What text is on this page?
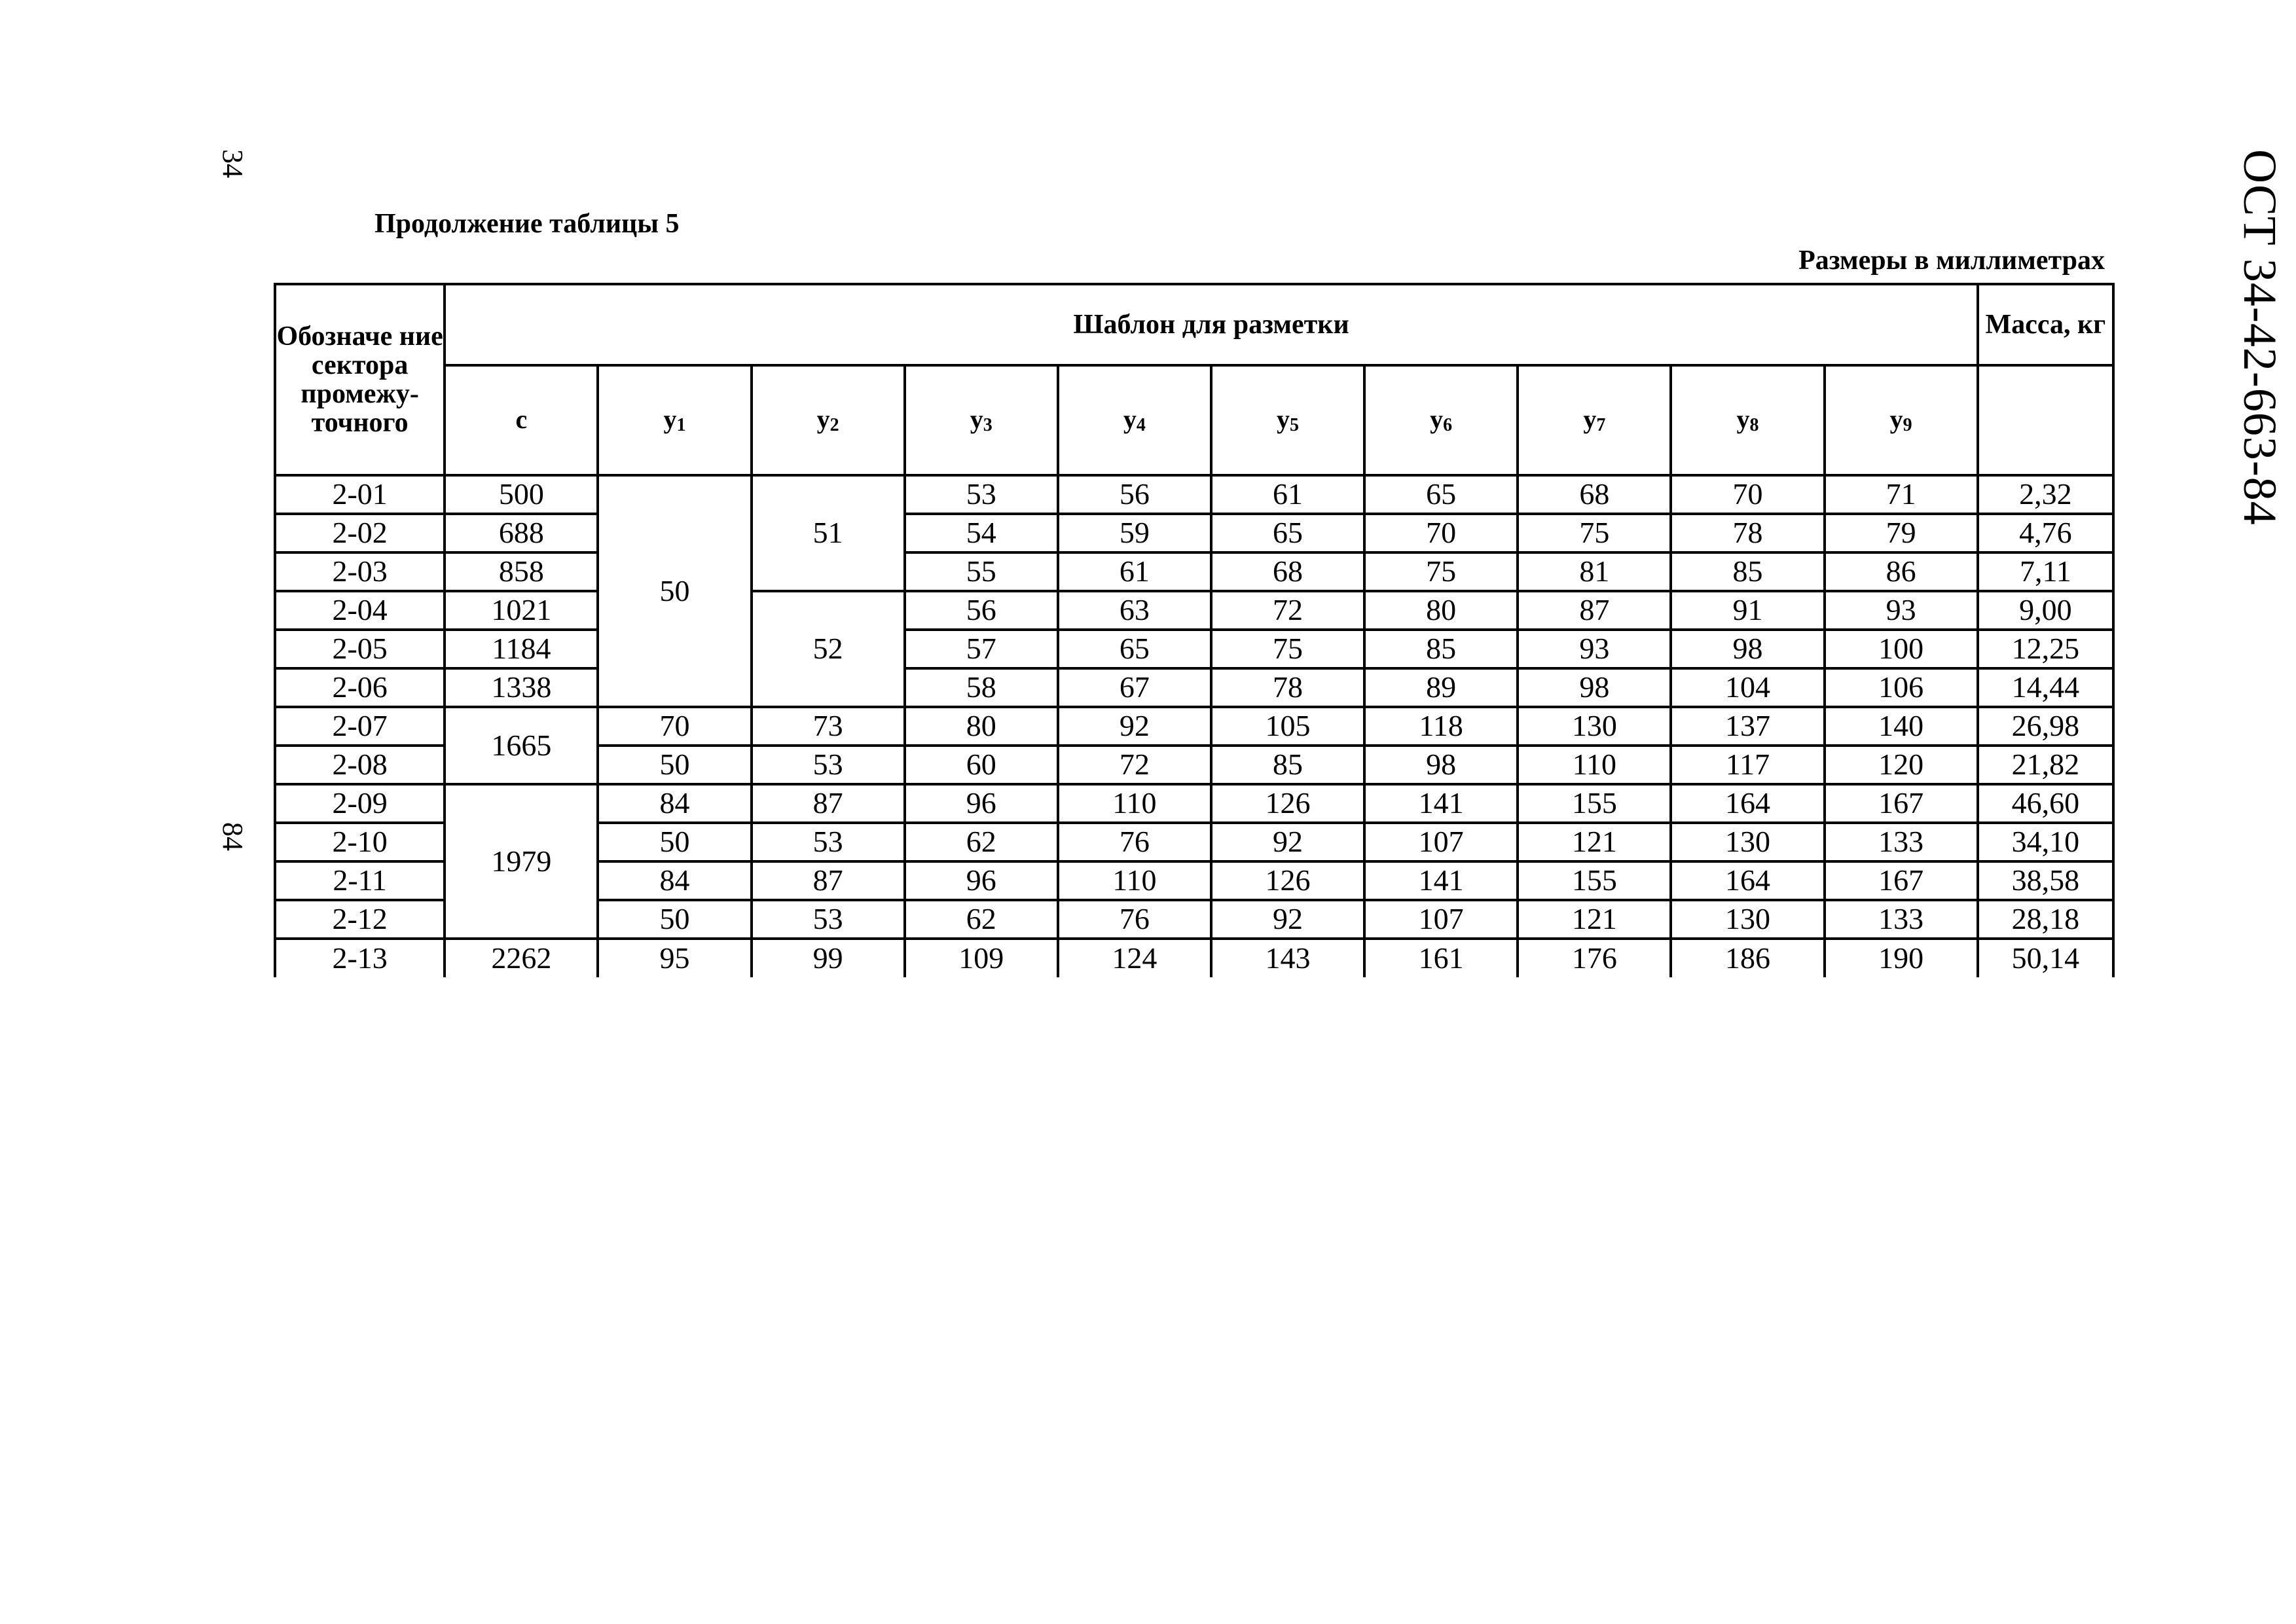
34
84
ОСТ 34-42-663-84
Продолжение таблицы 5
Размеры в миллиметрах
Обозначе ние сектора промежу- точного	Шаблон для разметки										Масса, кг
	с	y1	y2	y3	y4	y5	y6	y7	y8	y9	
2-01	500	50	51	53	56	61	65	68	70	71	2,32
2-02	688			54	59	65	70	75	78	79	4,76
2-03	858			55	61	68	75	81	85	86	7,11
2-04	1021		52	56	63	72	80	87	91	93	9,00
2-05	1184			57	65	75	85	93	98	100	12,25
2-06	1338			58	67	78	89	98	104	106	14,44
2-07	1665	70	73	80	92	105	118	130	137	140	26,98
2-08		50	53	60	72	85	98	110	117	120	21,82
2-09	1979	84	87	96	110	126	141	155	164	167	46,60
2-10		50	53	62	76	92	107	121	130	133	34,10
2-11		84	87	96	110	126	141	155	164	167	38,58
2-12		50	53	62	76	92	107	121	130	133	28,18
2-13	2262	95	99	109	124	143	161	176	186	190	50,14
